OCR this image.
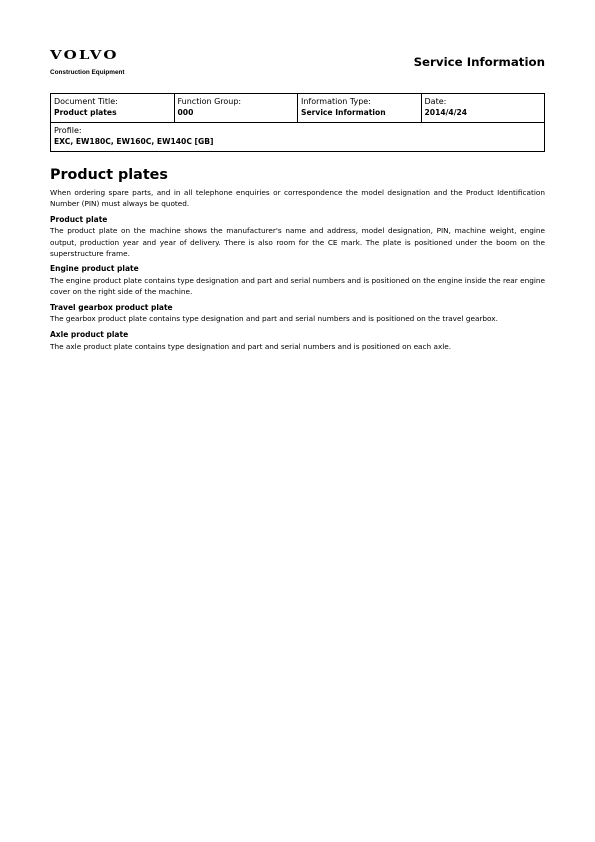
VOLVO
Construction Equipment
Service Information
Document Title:
Product plates
Function Group:
000
Information Type:
Service Information
Date:
2014/4/24
Profile:
EXC, EW180C, EW160C, EW140C [GB]
Product plates

When ordering spare parts, and in all telephone enquiries or correspondence the model designation and the Product Identification Number (PIN) must always be quoted.

Product plate

The product plate on the machine shows the manufacturer's name and address, model designation, PIN, machine weight, engine output, production year and year of delivery. There is also room for the CE mark. The plate is positioned under the boom on the superstructure frame.

Engine product plate

The engine product plate contains type designation and part and serial numbers and is positioned on the engine inside the rear engine cover on the right side of the machine.

Travel gearbox product plate

The gearbox product plate contains type designation and part and serial numbers and is positioned on the travel gearbox.

Axle product plate

The axle product plate contains type designation and part and serial numbers and is positioned on each axle.
